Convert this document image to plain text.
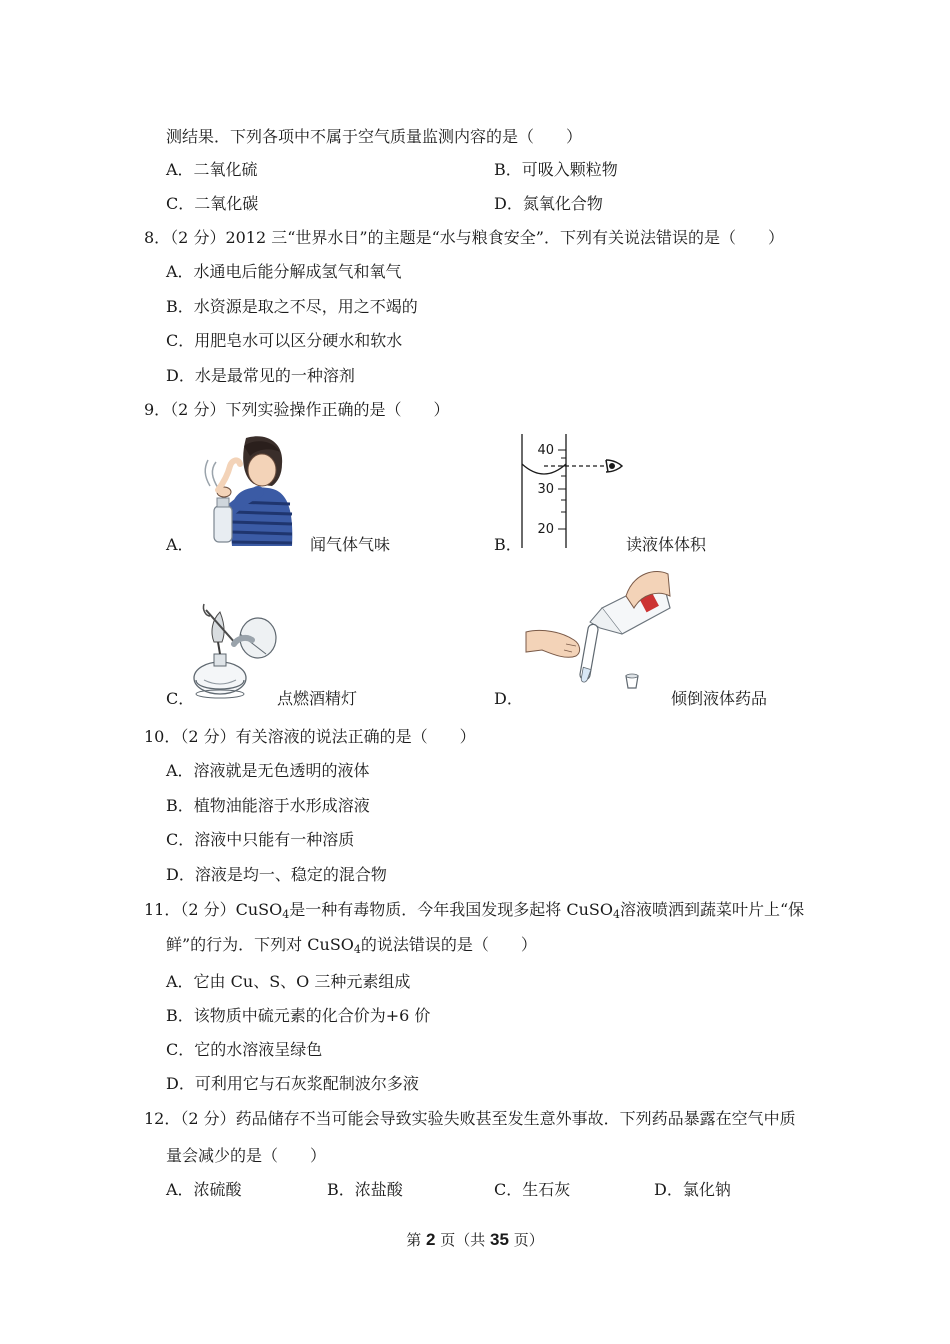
测结果．下列各项中不属于空气质量监测内容的是（　　）
A．二氧化硫	B．可吸入颗粒物
C．二氧化碳	D．氮氧化合物
8．（2 分）2012 三“世界水日”的主题是“水与粮食安全”．下列有关说法错误的是（　　）
A．水通电后能分解成氢气和氧气
B．水资源是取之不尽，用之不竭的
C．用肥皂水可以区分硬水和软水
D．水是最常见的一种溶剂
9．（2 分）下列实验操作正确的是（　　）
A．	闻气体气味	B．
40
30
20
读液体体积
C．	点燃酒精灯	D．	倾倒液体药品
10．（2 分）有关溶液的说法正确的是（　　）
A．溶液就是无色透明的液体
B．植物油能溶于水形成溶液
C．溶液中只能有一种溶质
D．溶液是均一、稳定的混合物
11．（2 分）CuSO$_4$是一种有毒物质．今年我国发现多起将 CuSO$_4$溶液喷洒到蔬菜叶片上“保
鲜”的行为．下列对 CuSO$_4$的说法错误的是（　　）
A．它由 Cu、S、O 三种元素组成
B．该物质中硫元素的化合价为+6 价
C．它的水溶液呈绿色
D．可利用它与石灰浆配制波尔多液
12．（2 分）药品储存不当可能会导致实验失败甚至发生意外事故．下列药品暴露在空气中质
量会减少的是（　　）
A．浓硫酸	B．浓盐酸	C．生石灰	D．氯化钠
第 2 页（共 35 页）
